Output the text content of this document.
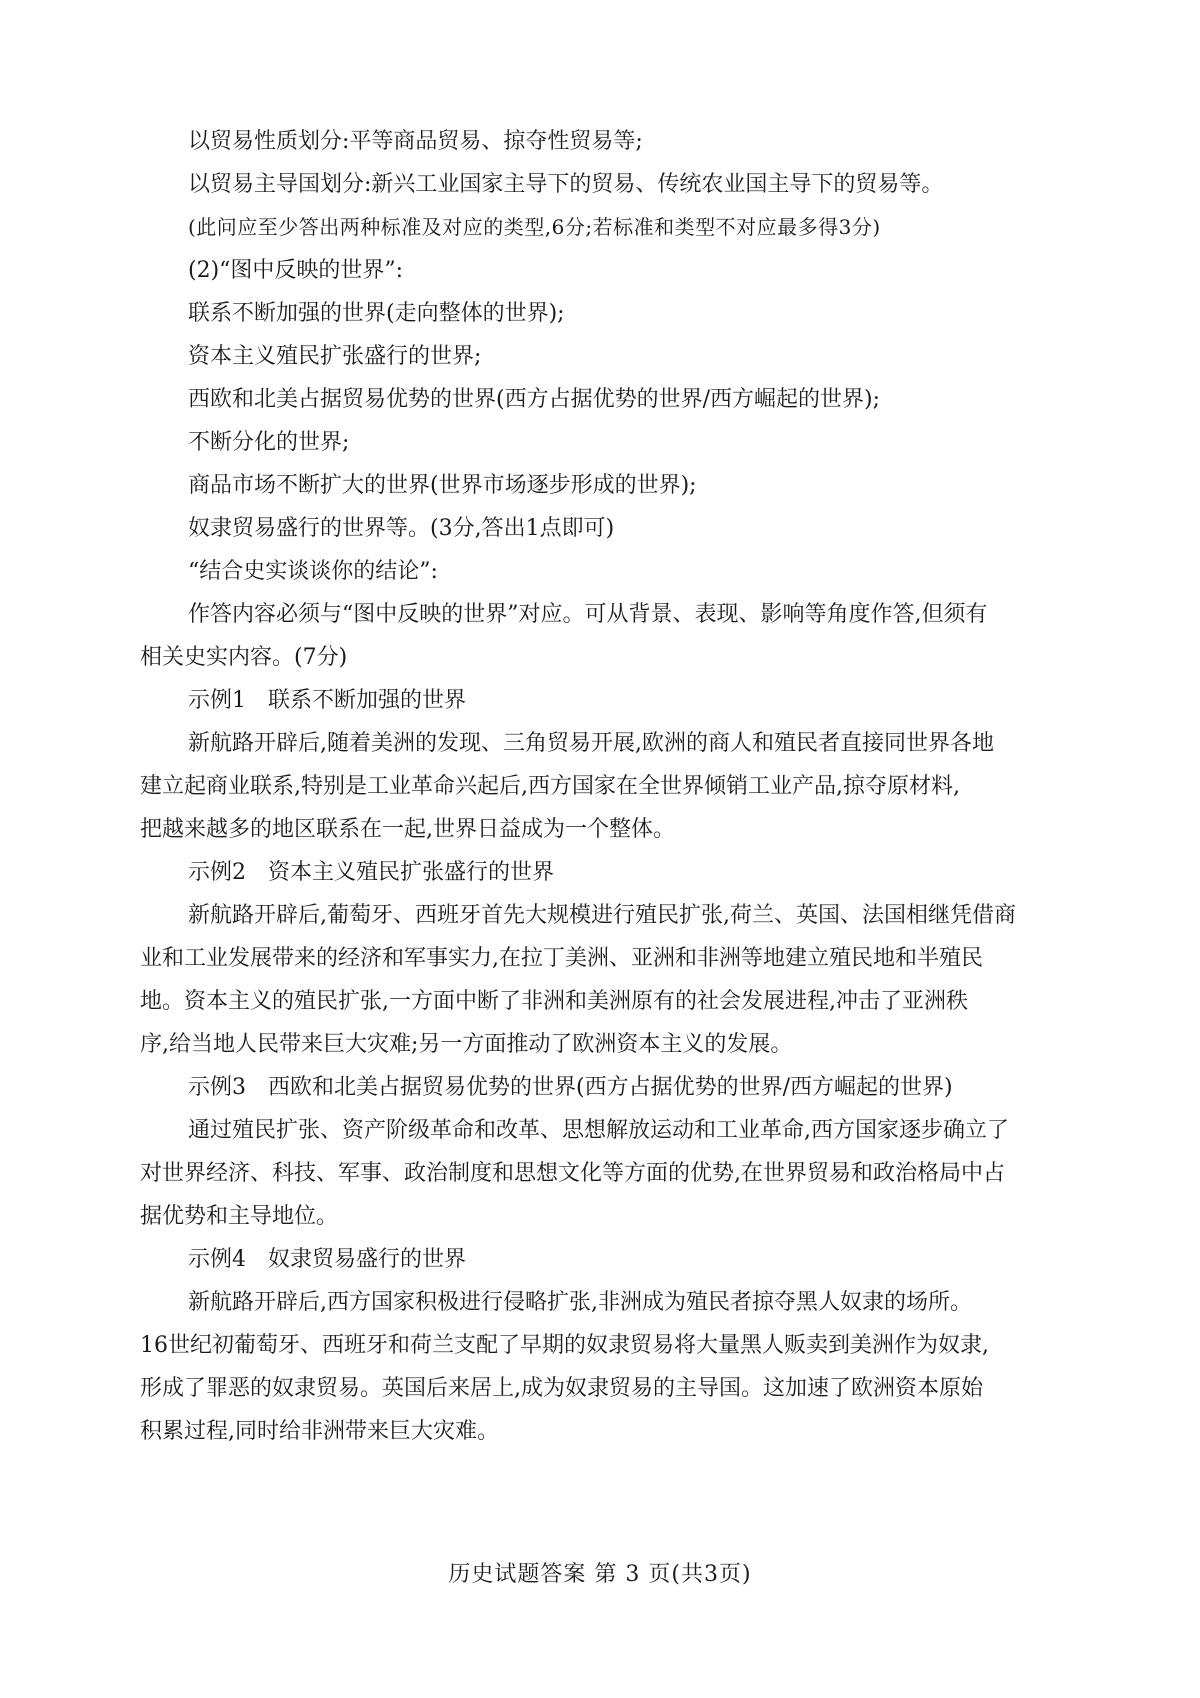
以贸易性质划分:平等商品贸易、掠夺性贸易等;
以贸易主导国划分:新兴工业国家主导下的贸易、传统农业国主导下的贸易等。
(此问应至少答出两种标准及对应的类型,6分;若标准和类型不对应最多得3分)
(2)“图中反映的世界”:
联系不断加强的世界(走向整体的世界);
资本主义殖民扩张盛行的世界;
西欧和北美占据贸易优势的世界(西方占据优势的世界/西方崛起的世界);
不断分化的世界;
商品市场不断扩大的世界(世界市场逐步形成的世界);
奴隶贸易盛行的世界等。(3分,答出1点即可)
“结合史实谈谈你的结论”:
作答内容必须与“图中反映的世界”对应。可从背景、表现、影响等角度作答,但须有
相关史实内容。(7分)
示例1　联系不断加强的世界
新航路开辟后,随着美洲的发现、三角贸易开展,欧洲的商人和殖民者直接同世界各地
建立起商业联系,特别是工业革命兴起后,西方国家在全世界倾销工业产品,掠夺原材料,
把越来越多的地区联系在一起,世界日益成为一个整体。
示例2　资本主义殖民扩张盛行的世界
新航路开辟后,葡萄牙、西班牙首先大规模进行殖民扩张,荷兰、英国、法国相继凭借商
业和工业发展带来的经济和军事实力,在拉丁美洲、亚洲和非洲等地建立殖民地和半殖民
地。资本主义的殖民扩张,一方面中断了非洲和美洲原有的社会发展进程,冲击了亚洲秩
序,给当地人民带来巨大灾难;另一方面推动了欧洲资本主义的发展。
示例3　西欧和北美占据贸易优势的世界(西方占据优势的世界/西方崛起的世界)
通过殖民扩张、资产阶级革命和改革、思想解放运动和工业革命,西方国家逐步确立了
对世界经济、科技、军事、政治制度和思想文化等方面的优势,在世界贸易和政治格局中占
据优势和主导地位。
示例4　奴隶贸易盛行的世界
新航路开辟后,西方国家积极进行侵略扩张,非洲成为殖民者掠夺黑人奴隶的场所。
16世纪初葡萄牙、西班牙和荷兰支配了早期的奴隶贸易将大量黑人贩卖到美洲作为奴隶,
形成了罪恶的奴隶贸易。英国后来居上,成为奴隶贸易的主导国。这加速了欧洲资本原始
积累过程,同时给非洲带来巨大灾难。
历史试题答案 第 3 页(共3页)
